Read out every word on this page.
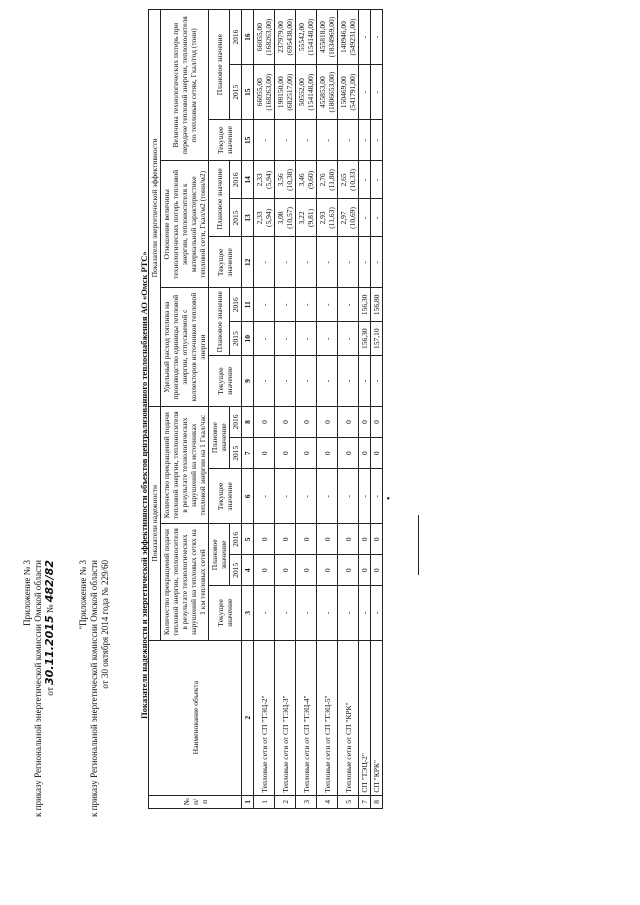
Приложение № 3 к приказу Региональной энергетической комиссии Омской области от 30.11.2015 № 482/82 "Приложение № 3 к приказу Региональной энергетической комиссии Омской области от 30 октября 2014 года № 229/60	Показатели надежности и энергетической эффективности объектов централизованного теплоснабжения АО «Омск РТС»
№ п/п	Наименование объекта	Показатели надежности						Показатели энергетической эффективности								
		Количество прекращений подачи тепловой энергии, теплоносителя в результате технологических нарушений на тепловых сетях на 1 км тепловых сетей			Количество прекращений подачи тепловой энергии, теплоносителя в результате технологических нарушений на источниках тепловой энергии на 1 Гкал/час			Удельный расход топлива на производство единицы тепловой энергии, отпускаемой с коллекторов источников тепловой энергии			Отношение величины технологических потерь тепловой энергии, теплоносителя к материальной характеристике тепловой сети, Гкал/м2 (тонн/м2)			Величина технологических потерь при передаче тепловой энергии, теплоносителя по тепловым сетям, Гкал/год (тонн)		
		Текущее значение	Плановое значение		Текущее значение	Плановое значение		Текущее значение	Плановое значение		Текущее значение	Плановое значение		Текущее значение	Плановое значение	
			2015	2016		2015	2016		2015	2016		2015	2016		2015	2016
1	2	3	4	5	6	7	8	9	10	11	12	13	14	15	15	16
1	Тепловые сети от СП "ТЭЦ-2"	-	0	0	-	0	0	-	-	-	-	2,33 (5,94)	2,33 (5,94)	-	66055,00 (168263,00)	66055,00 (168263,00)
2	Тепловые сети от СП "ТЭЦ-3"	-	0	0	-	0	0	-	-	-	-	3,08 (10,57)	3,56 (10,38)	-	198150,00 (682517,00)	237979,00 (695438,00)
3	Тепловые сети от СП "ТЭЦ-4"	-	0	0	-	0	0	-	-	-	-	3,22 (9,81)	3,46 (9,60)	-	50552,00 (154148,00)	55542,00 (154148,00)
4	Тепловые сети от СП "ТЭЦ-5"	-	0	0	-	0	0	-	-	-	-	2,93 (11,63)	2,76 (11,80)	-	455853,00 (1806653,00)	455818,00 (1834969,00)
5	Тепловые сети от СП "КРК"	-	0	0	-	0	0	-	-	-	-	2,97 (10,69)	2,65 (10,33)	-	150469,00 (541791,00)	140946,00 (549231,00)
7	СП "ТЭЦ-2"	-	0	0	-	0	0	-	156,30	156,30	-	-	-	-	-	-
8	СП "КРК"	-	0	0	-	0	0	-	157,10	156,80	-	-	-	-	-	-
•
